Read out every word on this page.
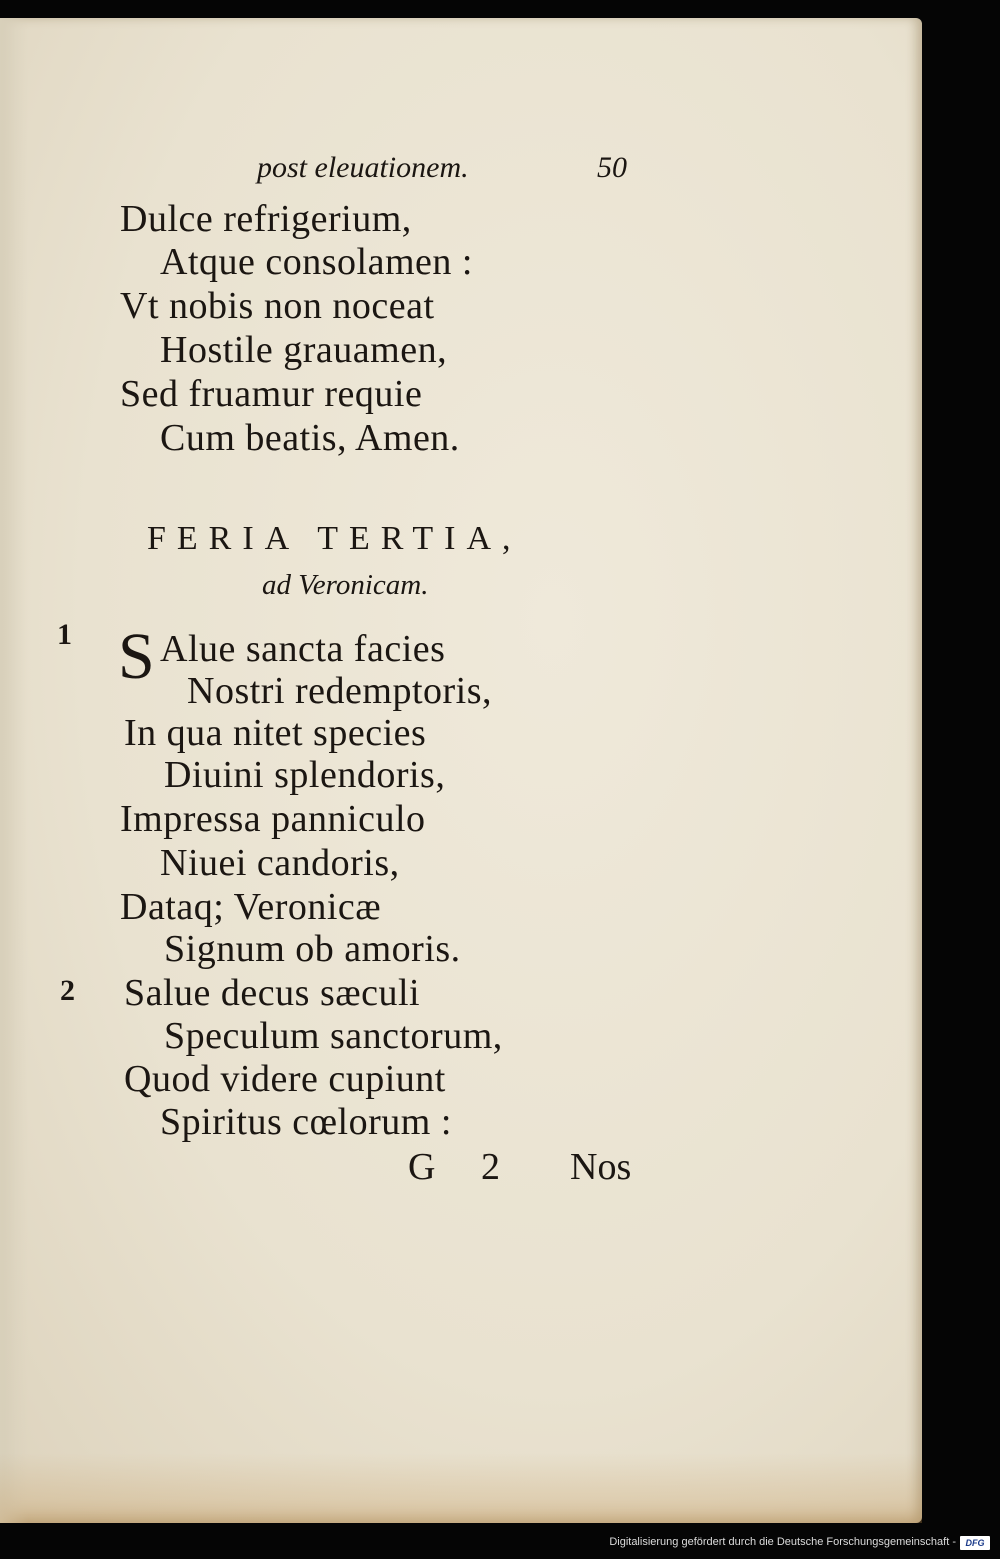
post eleuationem.	50
Dulce refrigerium,
Atque consolamen :
Vt nobis non noceat
Hostile grauamen,
Sed fruamur requie
Cum beatis, Amen.
FERIA TERTIA,
ad Veronicam.
1 S Alue sancta facies
Nostri redemptoris,
In qua nitet species
Diuini splendoris,
Impressa panniculo
Niuei candoris,
Dataq; Veronicæ
Signum ob amoris.
2 Salue decus sæculi
Speculum sanctorum,
Quod videre cupiunt
Spiritus cœlorum :
G 2 Nos
Digitalisierung gefördert durch die Deutsche Forschungsgemeinschaft -	DFG
